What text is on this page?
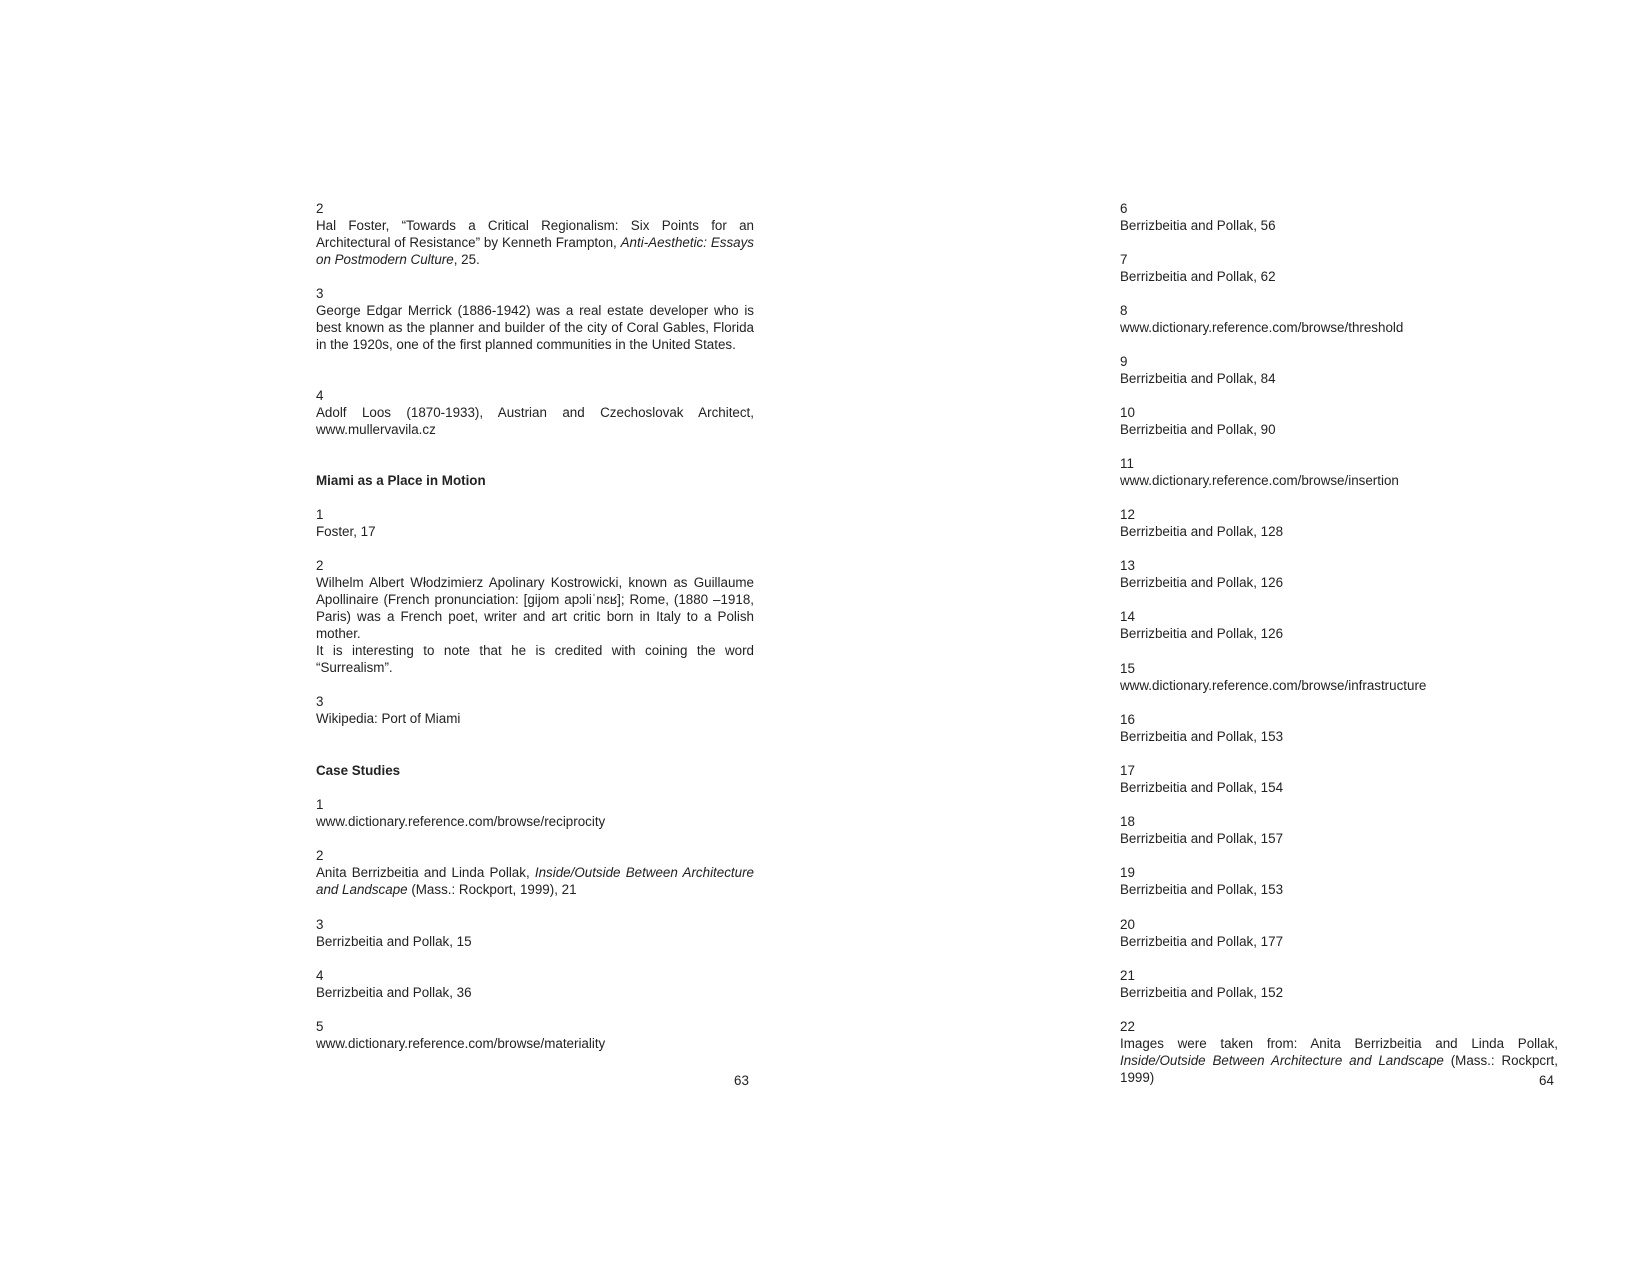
2
Hal Foster, “Towards a Critical Regionalism: Six Points for an Architectural of Resistance” by Kenneth Frampton, Anti-Aesthetic: Essays on Postmodern Culture, 25.
3
George Edgar Merrick (1886-1942) was a real estate developer who is best known as the planner and builder of the city of Coral Gables, Florida in the 1920s, one of the first planned communities in the United States.
4
Adolf Loos (1870-1933), Austrian and Czechoslovak Architect, www.mullervavila.cz
Miami as a Place in Motion
1
Foster, 17
2
Wilhelm Albert Włodzimierz Apolinary Kostrowicki, known as Guillaume Apollinaire (French pronunciation: [gijom apɔliˈnɛʁ]; Rome, (1880 –1918, Paris) was a French poet, writer and art critic born in Italy to a Polish mother.
It is interesting to note that he is credited with coining the word “Surrealism”.
3
Wikipedia: Port of Miami
Case Studies
1
www.dictionary.reference.com/browse/reciprocity
2
Anita Berrizbeitia and Linda Pollak, Inside/Outside Between Architecture and Landscape (Mass.: Rockport, 1999), 21
3
Berrizbeitia and Pollak, 15
4
Berrizbeitia and Pollak, 36
5
www.dictionary.reference.com/browse/materiality
63
6
Berrizbeitia and Pollak, 56
7
Berrizbeitia and Pollak, 62
8
www.dictionary.reference.com/browse/threshold
9
Berrizbeitia and Pollak, 84
10
Berrizbeitia and Pollak, 90
11
www.dictionary.reference.com/browse/insertion
12
Berrizbeitia and Pollak, 128
13
Berrizbeitia and Pollak, 126
14
Berrizbeitia and Pollak, 126
15
www.dictionary.reference.com/browse/infrastructure
16
Berrizbeitia and Pollak, 153
17
Berrizbeitia and Pollak, 154
18
Berrizbeitia and Pollak, 157
19
Berrizbeitia and Pollak, 153
20
Berrizbeitia and Pollak, 177
21
Berrizbeitia and Pollak, 152
22
Images were taken from: Anita Berrizbeitia and Linda Pollak, Inside/Outside Between Architecture and Landscape (Mass.: Rockpcrt, 1999)	64
